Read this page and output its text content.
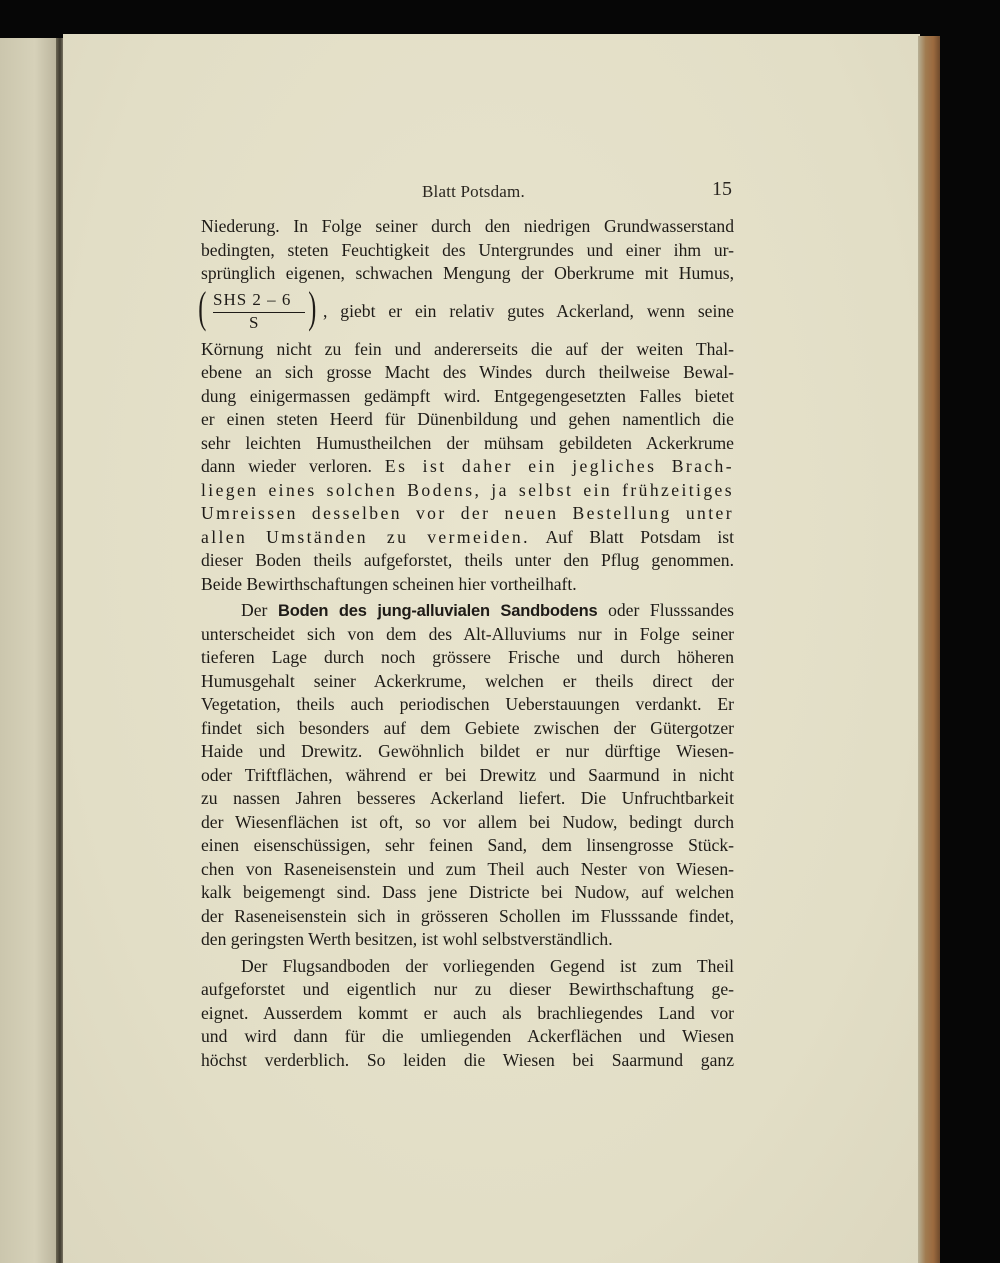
Blatt Potsdam.	15
Niederung. In Folge seiner durch den niedrigen Grundwasserstand
bedingten, steten Feuchtigkeit des Untergrundes und einer ihm ur-
sprünglich eigenen, schwachen Mengung der Oberkrume mit Humus,
( SHS 2 – 6
S ) , giebt er ein relativ gutes Ackerland, wenn seine
Körnung nicht zu fein und andererseits die auf der weiten Thal-
ebene an sich grosse Macht des Windes durch theilweise Bewal-
dung einigermassen gedämpft wird. Entgegengesetzten Falles bietet
er einen steten Heerd für Dünenbildung und gehen namentlich die
sehr leichten Humustheilchen der mühsam gebildeten Ackerkrume
dann wieder verloren. Es ist daher ein jegliches Brach-
liegen eines solchen Bodens, ja selbst ein frühzeitiges
Umreissen desselben vor der neuen Bestellung unter
allen Umständen zu vermeiden. Auf Blatt Potsdam ist
dieser Boden theils aufgeforstet, theils unter den Pflug genommen.
Beide Bewirthschaftungen scheinen hier vortheilhaft.
Der Boden des jung-alluvialen Sandbodens oder Flusssandes
unterscheidet sich von dem des Alt-Alluviums nur in Folge seiner
tieferen Lage durch noch grössere Frische und durch höheren
Humusgehalt seiner Ackerkrume, welchen er theils direct der
Vegetation, theils auch periodischen Ueberstauungen verdankt. Er
findet sich besonders auf dem Gebiete zwischen der Gütergotzer
Haide und Drewitz. Gewöhnlich bildet er nur dürftige Wiesen-
oder Triftflächen, während er bei Drewitz und Saarmund in nicht
zu nassen Jahren besseres Ackerland liefert. Die Unfruchtbarkeit
der Wiesenflächen ist oft, so vor allem bei Nudow, bedingt durch
einen eisenschüssigen, sehr feinen Sand, dem linsengrosse Stück-
chen von Raseneisenstein und zum Theil auch Nester von Wiesen-
kalk beigemengt sind. Dass jene Districte bei Nudow, auf welchen
der Raseneisenstein sich in grösseren Schollen im Flusssande findet,
den geringsten Werth besitzen, ist wohl selbstverständlich.
Der Flugsandboden der vorliegenden Gegend ist zum Theil
aufgeforstet und eigentlich nur zu dieser Bewirthschaftung ge-
eignet. Ausserdem kommt er auch als brachliegendes Land vor
und wird dann für die umliegenden Ackerflächen und Wiesen
höchst verderblich. So leiden die Wiesen bei Saarmund ganz
